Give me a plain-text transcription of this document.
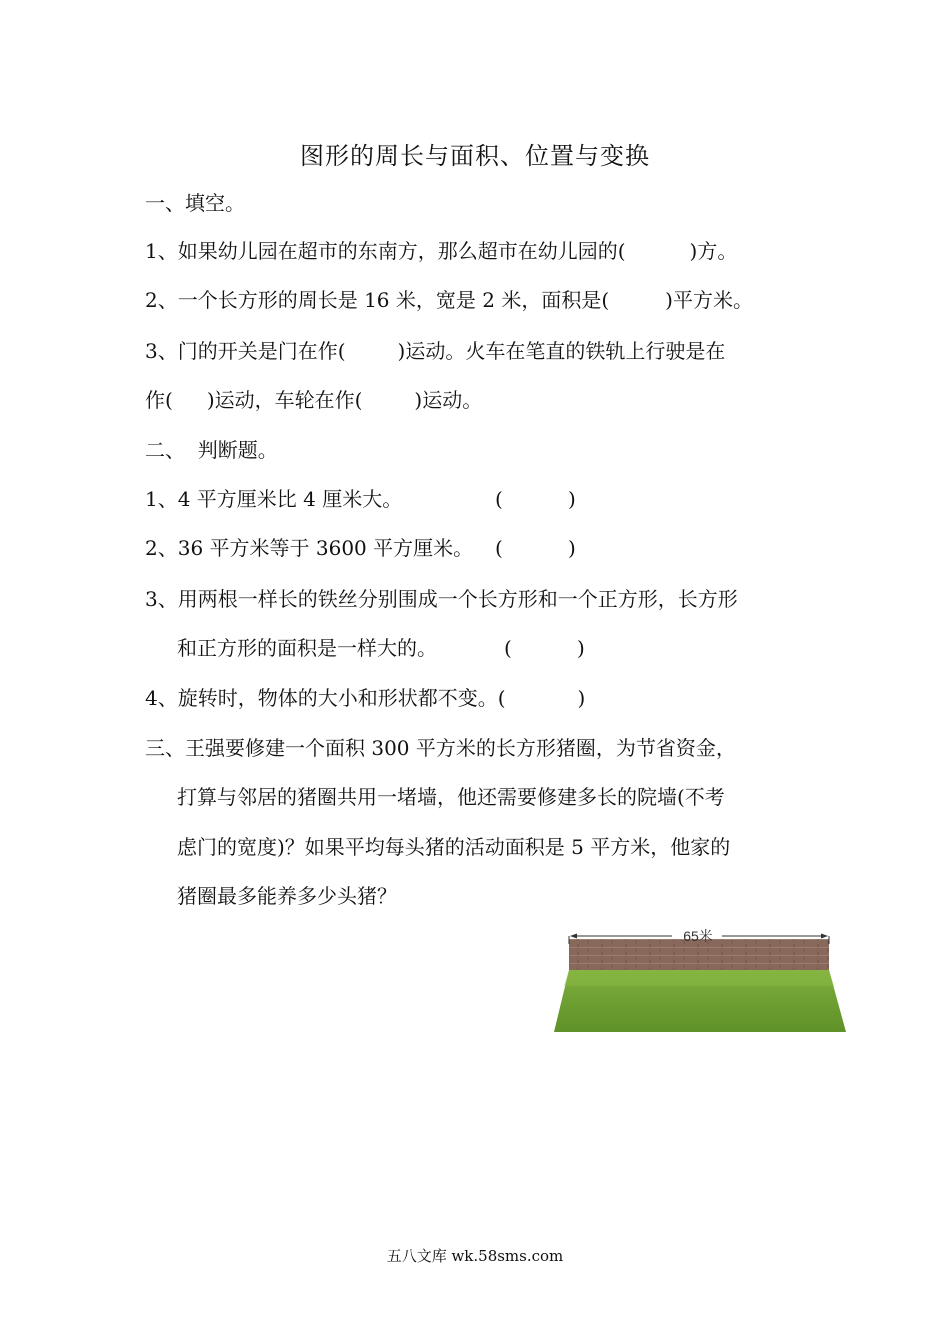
图形的周长与面积、位置与变换
一、填空。
1、如果幼儿园在超市的东南方，那么超市在幼儿园的(	)方。
2、一个长方形的周长是 16 米，宽是 2 米，面积是(	)平方米。
3、门的开关是门在作(	)运动。火车在笔直的铁轨上行驶是在
作( )运动，车轮在作(	)运动。
二、  判断题。
1、4 平方厘米比 4 厘米大。	(	)
2、36 平方米等于 3600 平方厘米。 (	)
3、用两根一样长的铁丝分别围成一个长方形和一个正方形，长方形
和正方形的面积是一样大的。	(	)
4、旋转时，物体的大小和形状都不变。(	)
三、王强要修建一个面积 300 平方米的长方形猪圈，为节省资金，
打算与邻居的猪圈共用一堵墙，他还需要修建多长的院墙(不考
虑门的宽度)？如果平均每头猪的活动面积是 5 平方米，他家的
猪圈最多能养多少头猪？
65米
五八文库 wk.58sms.com
